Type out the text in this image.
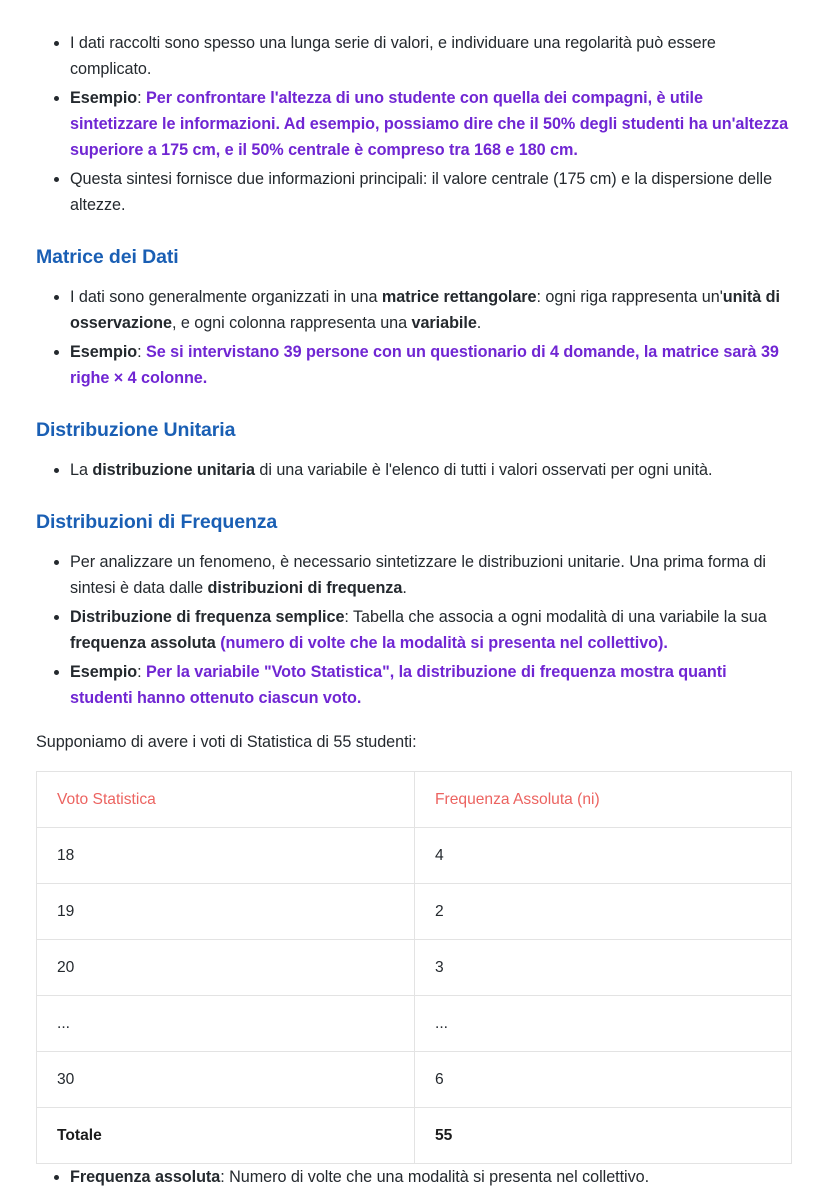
I dati raccolti sono spesso una lunga serie di valori, e individuare una regolarità può essere complicato.
Esempio: Per confrontare l'altezza di uno studente con quella dei compagni, è utile sintetizzare le informazioni. Ad esempio, possiamo dire che il 50% degli studenti ha un'altezza superiore a 175 cm, e il 50% centrale è compreso tra 168 e 180 cm.
Questa sintesi fornisce due informazioni principali: il valore centrale (175 cm) e la dispersione delle altezze.
Matrice dei Dati
I dati sono generalmente organizzati in una matrice rettangolare: ogni riga rappresenta un'unità di osservazione, e ogni colonna rappresenta una variabile.
Esempio: Se si intervistano 39 persone con un questionario di 4 domande, la matrice sarà 39 righe × 4 colonne.
Distribuzione Unitaria
La distribuzione unitaria di una variabile è l'elenco di tutti i valori osservati per ogni unità.
Distribuzioni di Frequenza
Per analizzare un fenomeno, è necessario sintetizzare le distribuzioni unitarie. Una prima forma di sintesi è data dalle distribuzioni di frequenza.
Distribuzione di frequenza semplice: Tabella che associa a ogni modalità di una variabile la sua frequenza assoluta (numero di volte che la modalità si presenta nel collettivo).
Esempio: Per la variabile "Voto Statistica", la distribuzione di frequenza mostra quanti studenti hanno ottenuto ciascun voto.

Supponiamo di avere i voti di Statistica di 55 studenti:

Voto Statistica	Frequenza Assoluta (ni)
18	4
19	2
20	3
...	...
30	6
Totale	55
Frequenza assoluta: Numero di volte che una modalità si presenta nel collettivo.
